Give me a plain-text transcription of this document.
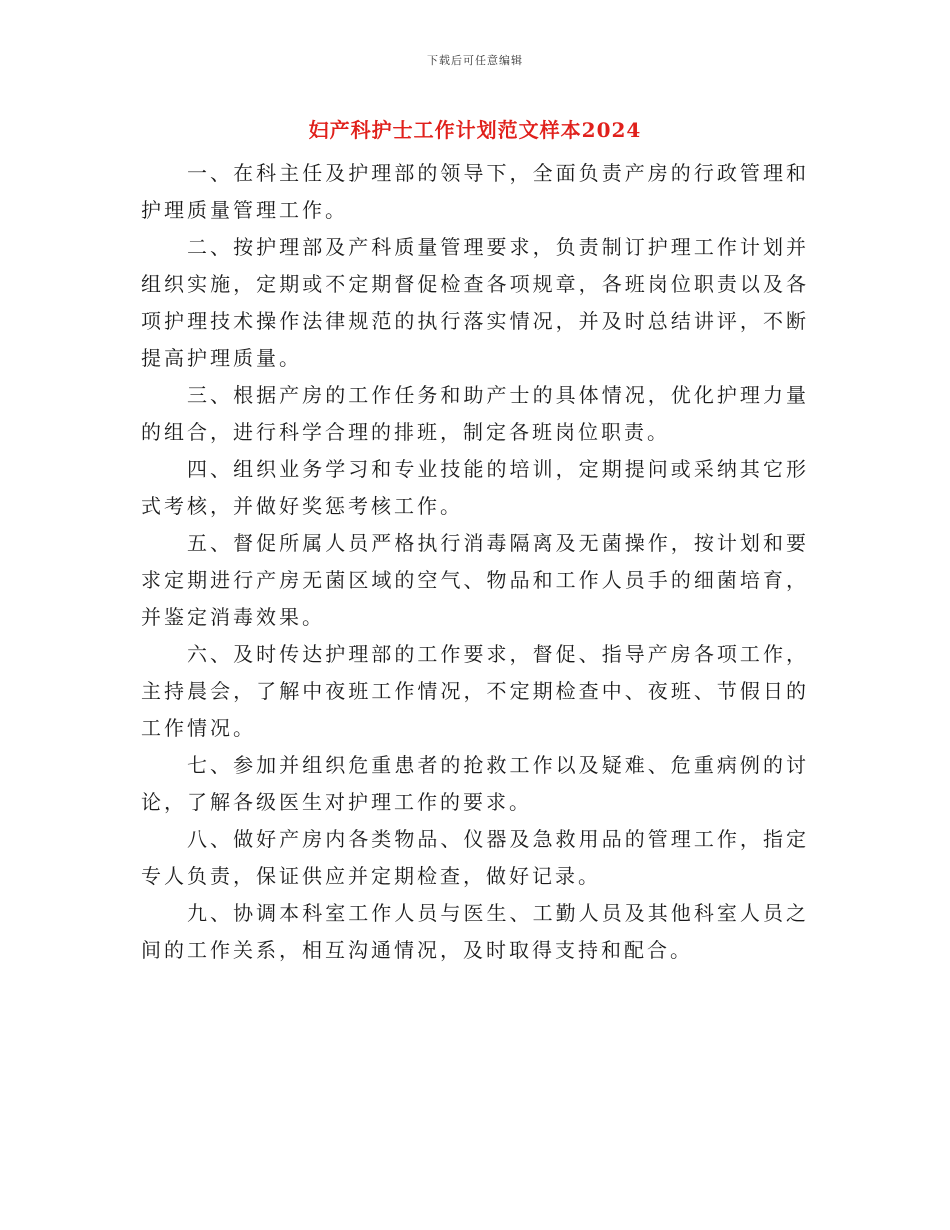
下载后可任意编辑
妇产科护士工作计划范文样本2024

一、在科主任及护理部的领导下，全面负责产房的行政管理和护理质量管理工作。

二、按护理部及产科质量管理要求，负责制订护理工作计划并组织实施，定期或不定期督促检查各项规章，各班岗位职责以及各项护理技术操作法律规范的执行落实情况，并及时总结讲评，不断提高护理质量。

三、根据产房的工作任务和助产士的具体情况，优化护理力量的组合，进行科学合理的排班，制定各班岗位职责。

四、组织业务学习和专业技能的培训，定期提问或采纳其它形式考核，并做好奖惩考核工作。

五、督促所属人员严格执行消毒隔离及无菌操作，按计划和要求定期进行产房无菌区域的空气、物品和工作人员手的细菌培育，并鉴定消毒效果。

六、及时传达护理部的工作要求，督促、指导产房各项工作，主持晨会，了解中夜班工作情况，不定期检查中、夜班、节假日的工作情况。

七、参加并组织危重患者的抢救工作以及疑难、危重病例的讨论，了解各级医生对护理工作的要求。

八、做好产房内各类物品、仪器及急救用品的管理工作，指定专人负责，保证供应并定期检查，做好记录。

九、协调本科室工作人员与医生、工勤人员及其他科室人员之间的工作关系，相互沟通情况，及时取得支持和配合。
